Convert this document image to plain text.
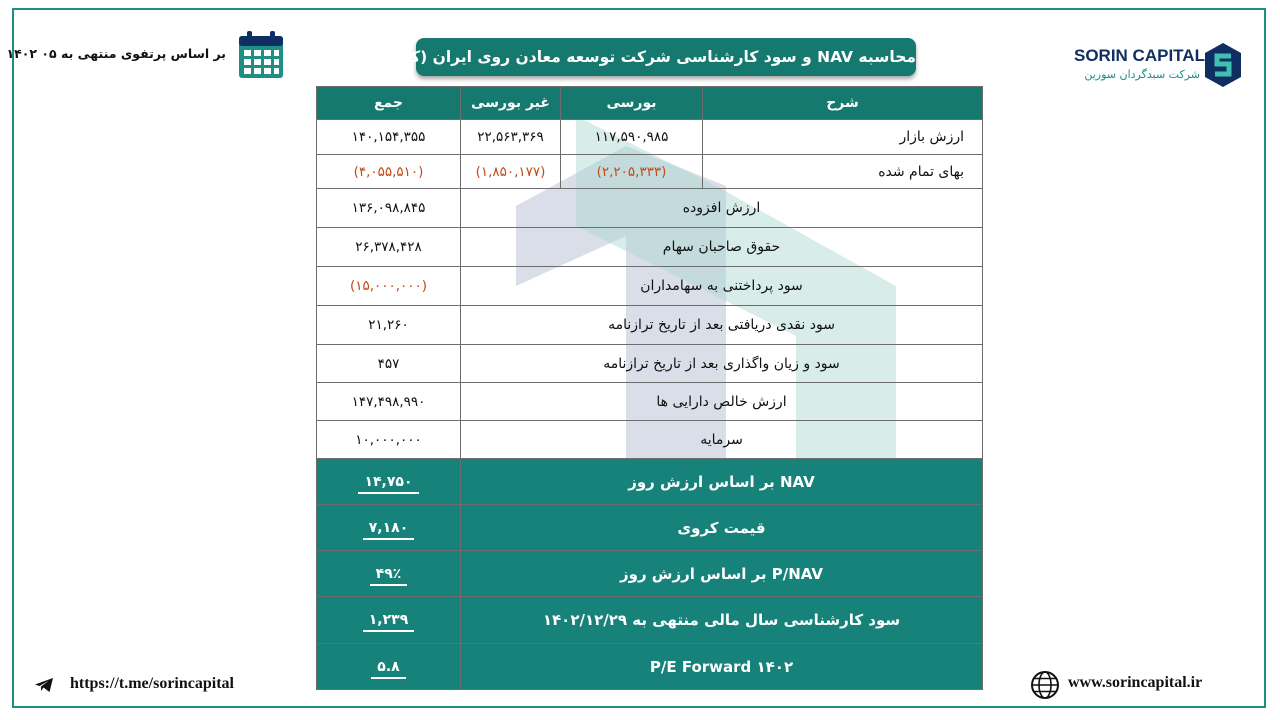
بر اساس پرتفوی منتهی به ۰۵ ۱۴۰۲	محاسبه NAV و سود کارشناسی شرکت توسعه معادن روی ایران (کروی)	SORIN CAPITAL
شرکت سبدگردان سورین
جمع	غیر بورسی	بورسی	شرح
۱۴۰,۱۵۴,۳۵۵	۲۲,۵۶۳,۳۶۹	۱۱۷,۵۹۰,۹۸۵	ارزش بازار
(۴,۰۵۵,۵۱۰)	(۱,۸۵۰,۱۷۷)	(۲,۲۰۵,۳۳۳)	بهای تمام شده
۱۳۶,۰۹۸,۸۴۵	ارزش افزوده		
۲۶,۳۷۸,۴۲۸	حقوق صاحبان سهام		
(۱۵,۰۰۰,۰۰۰)	سود پرداختنی به سهامداران		
۲۱,۲۶۰	سود نقدی دریافتی بعد از تاریخ ترازنامه		
۴۵۷	سود و زیان واگذاری بعد از تاریخ ترازنامه		
۱۴۷,۴۹۸,۹۹۰	ارزش خالص دارایی ها		
۱۰,۰۰۰,۰۰۰	سرمایه		
۱۴,۷۵۰	NAV بر اساس ارزش روز		
۷,۱۸۰	قیمت کروی		
۴۹٪	P/NAV بر اساس ارزش روز		
۱,۲۳۹	سود کارشناسی سال مالی منتهی به ۱۴۰۲/۱۲/۲۹		
۵.۸	P/E Forward ۱۴۰۲		
https://t.me/sorincapital	www.sorincapital.ir
